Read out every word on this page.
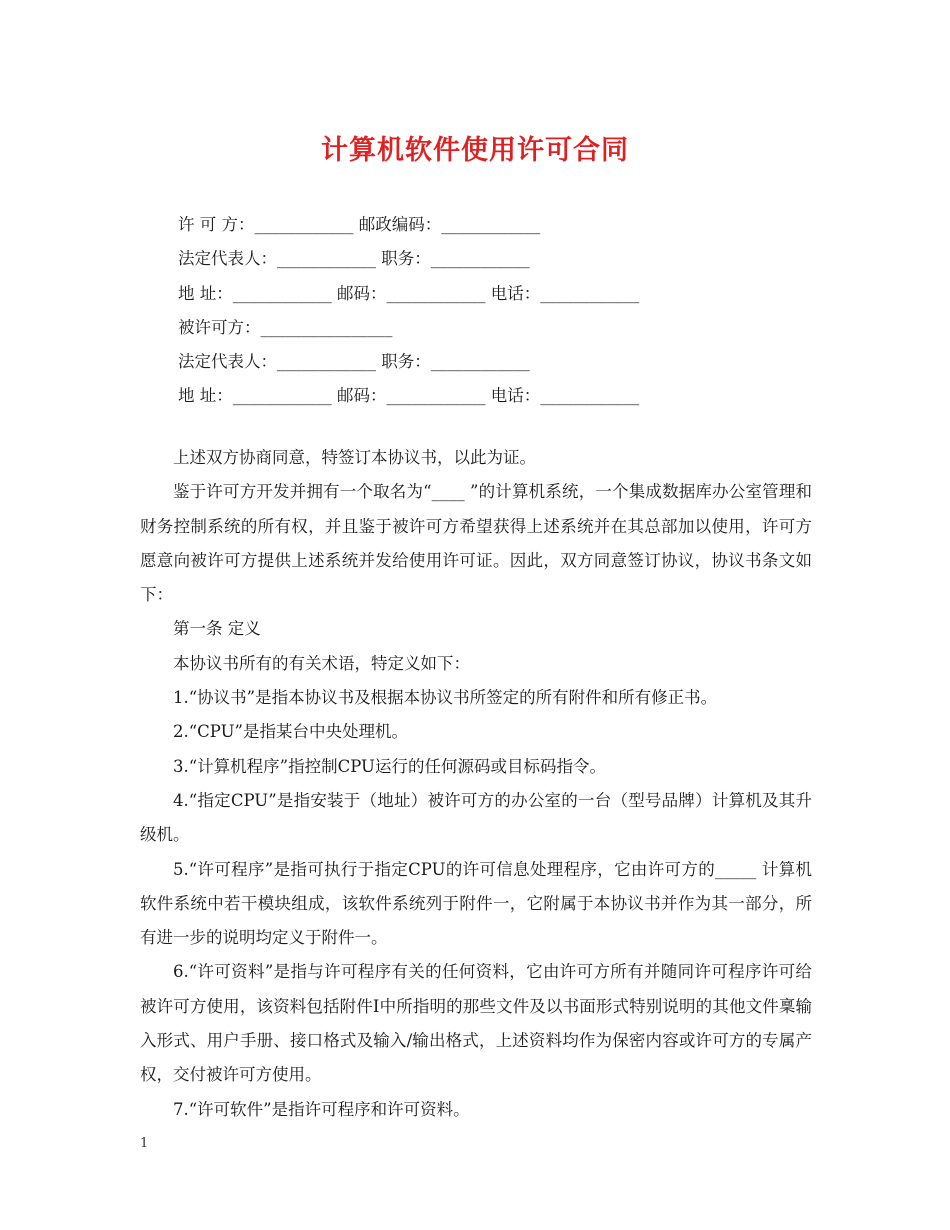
计算机软件使用许可合同
许 可 方：____________ 邮政编码：____________
法定代表人：____________ 职务：____________
地 址：____________ 邮码：____________ 电话：____________
被许可方：________________
法定代表人：____________ 职务：____________
地 址：____________ 邮码：____________ 电话：____________

上述双方协商同意，特签订本协议书，以此为证。

鉴于许可方开发并拥有一个取名为“____ ”的计算机系统，一个集成数据库办公室管理和财务控制系统的所有权，并且鉴于被许可方希望获得上述系统并在其总部加以使用，许可方愿意向被许可方提供上述系统并发给使用许可证。因此，双方同意签订协议，协议书条文如下：

第一条 定义

本协议书所有的有关术语，特定义如下：

1.“协议书”是指本协议书及根据本协议书所签定的所有附件和所有修正书。

2.“CPU”是指某台中央处理机。

3.“计算机程序”指控制CPU运行的任何源码或目标码指令。

4.“指定CPU”是指安装于（地址）被许可方的办公室的一台（型号品牌）计算机及其升级机。

5.“许可程序”是指可执行于指定CPU的许可信息处理程序，它由许可方的_____ 计算机软件系统中若干模块组成，该软件系统列于附件一，它附属于本协议书并作为其一部分，所有进一步的说明均定义于附件一。

6.“许可资料”是指与许可程序有关的任何资料，它由许可方所有并随同许可程序许可给被许可方使用，该资料包括附件Ⅰ中所指明的那些文件及以书面形式特别说明的其他文件稟输入形式、用户手册、接口格式及输入/输出格式，上述资料均作为保密内容或许可方的专属产权，交付被许可方使用。

7.“许可软件”是指许可程序和许可资料。

1
